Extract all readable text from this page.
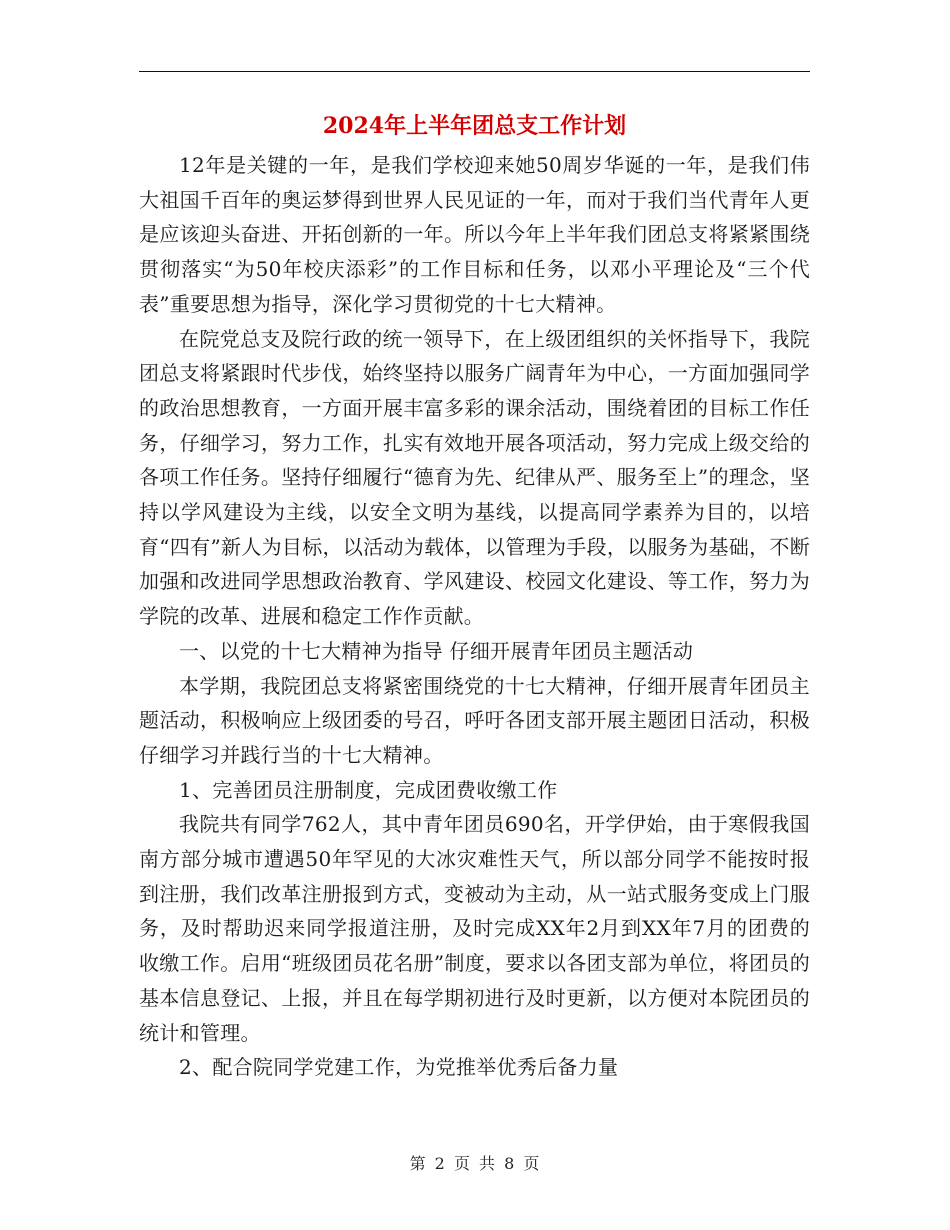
2024年上半年团总支工作计划

12年是关键的一年，是我们学校迎来她50周岁华诞的一年，是我们伟大祖国千百年的奥运梦得到世界人民见证的一年，而对于我们当代青年人更是应该迎头奋进、开拓创新的一年。所以今年上半年我们团总支将紧紧围绕贯彻落实“为50年校庆添彩”的工作目标和任务，以邓小平理论及“三个代表”重要思想为指导，深化学习贯彻党的十七大精神。

在院党总支及院行政的统一领导下，在上级团组织的关怀指导下，我院团总支将紧跟时代步伐，始终坚持以服务广阔青年为中心，一方面加强同学的政治思想教育，一方面开展丰富多彩的课余活动，围绕着团的目标工作任务，仔细学习，努力工作，扎实有效地开展各项活动，努力完成上级交给的各项工作任务。坚持仔细履行“德育为先、纪律从严、服务至上”的理念，坚持以学风建设为主线，以安全文明为基线，以提高同学素养为目的，以培育“四有”新人为目标，以活动为载体，以管理为手段，以服务为基础，不断加强和改进同学思想政治教育、学风建设、校园文化建设、等工作，努力为学院的改革、进展和稳定工作作贡献。

一、以党的十七大精神为指导 仔细开展青年团员主题活动

本学期，我院团总支将紧密围绕党的十七大精神，仔细开展青年团员主题活动，积极响应上级团委的号召，呼吁各团支部开展主题团日活动，积极仔细学习并践行当的十七大精神。

1、完善团员注册制度，完成团费收缴工作

我院共有同学762人，其中青年团员690名，开学伊始，由于寒假我国南方部分城市遭遇50年罕见的大冰灾难性天气，所以部分同学不能按时报到注册，我们改革注册报到方式，变被动为主动，从一站式服务变成上门服务，及时帮助迟来同学报道注册，及时完成XX年2月到XX年7月的团费的收缴工作。启用“班级团员花名册”制度，要求以各团支部为单位，将团员的基本信息登记、上报，并且在每学期初进行及时更新，以方便对本院团员的统计和管理。

2、配合院同学党建工作，为党推举优秀后备力量

第 2 页 共 8 页
